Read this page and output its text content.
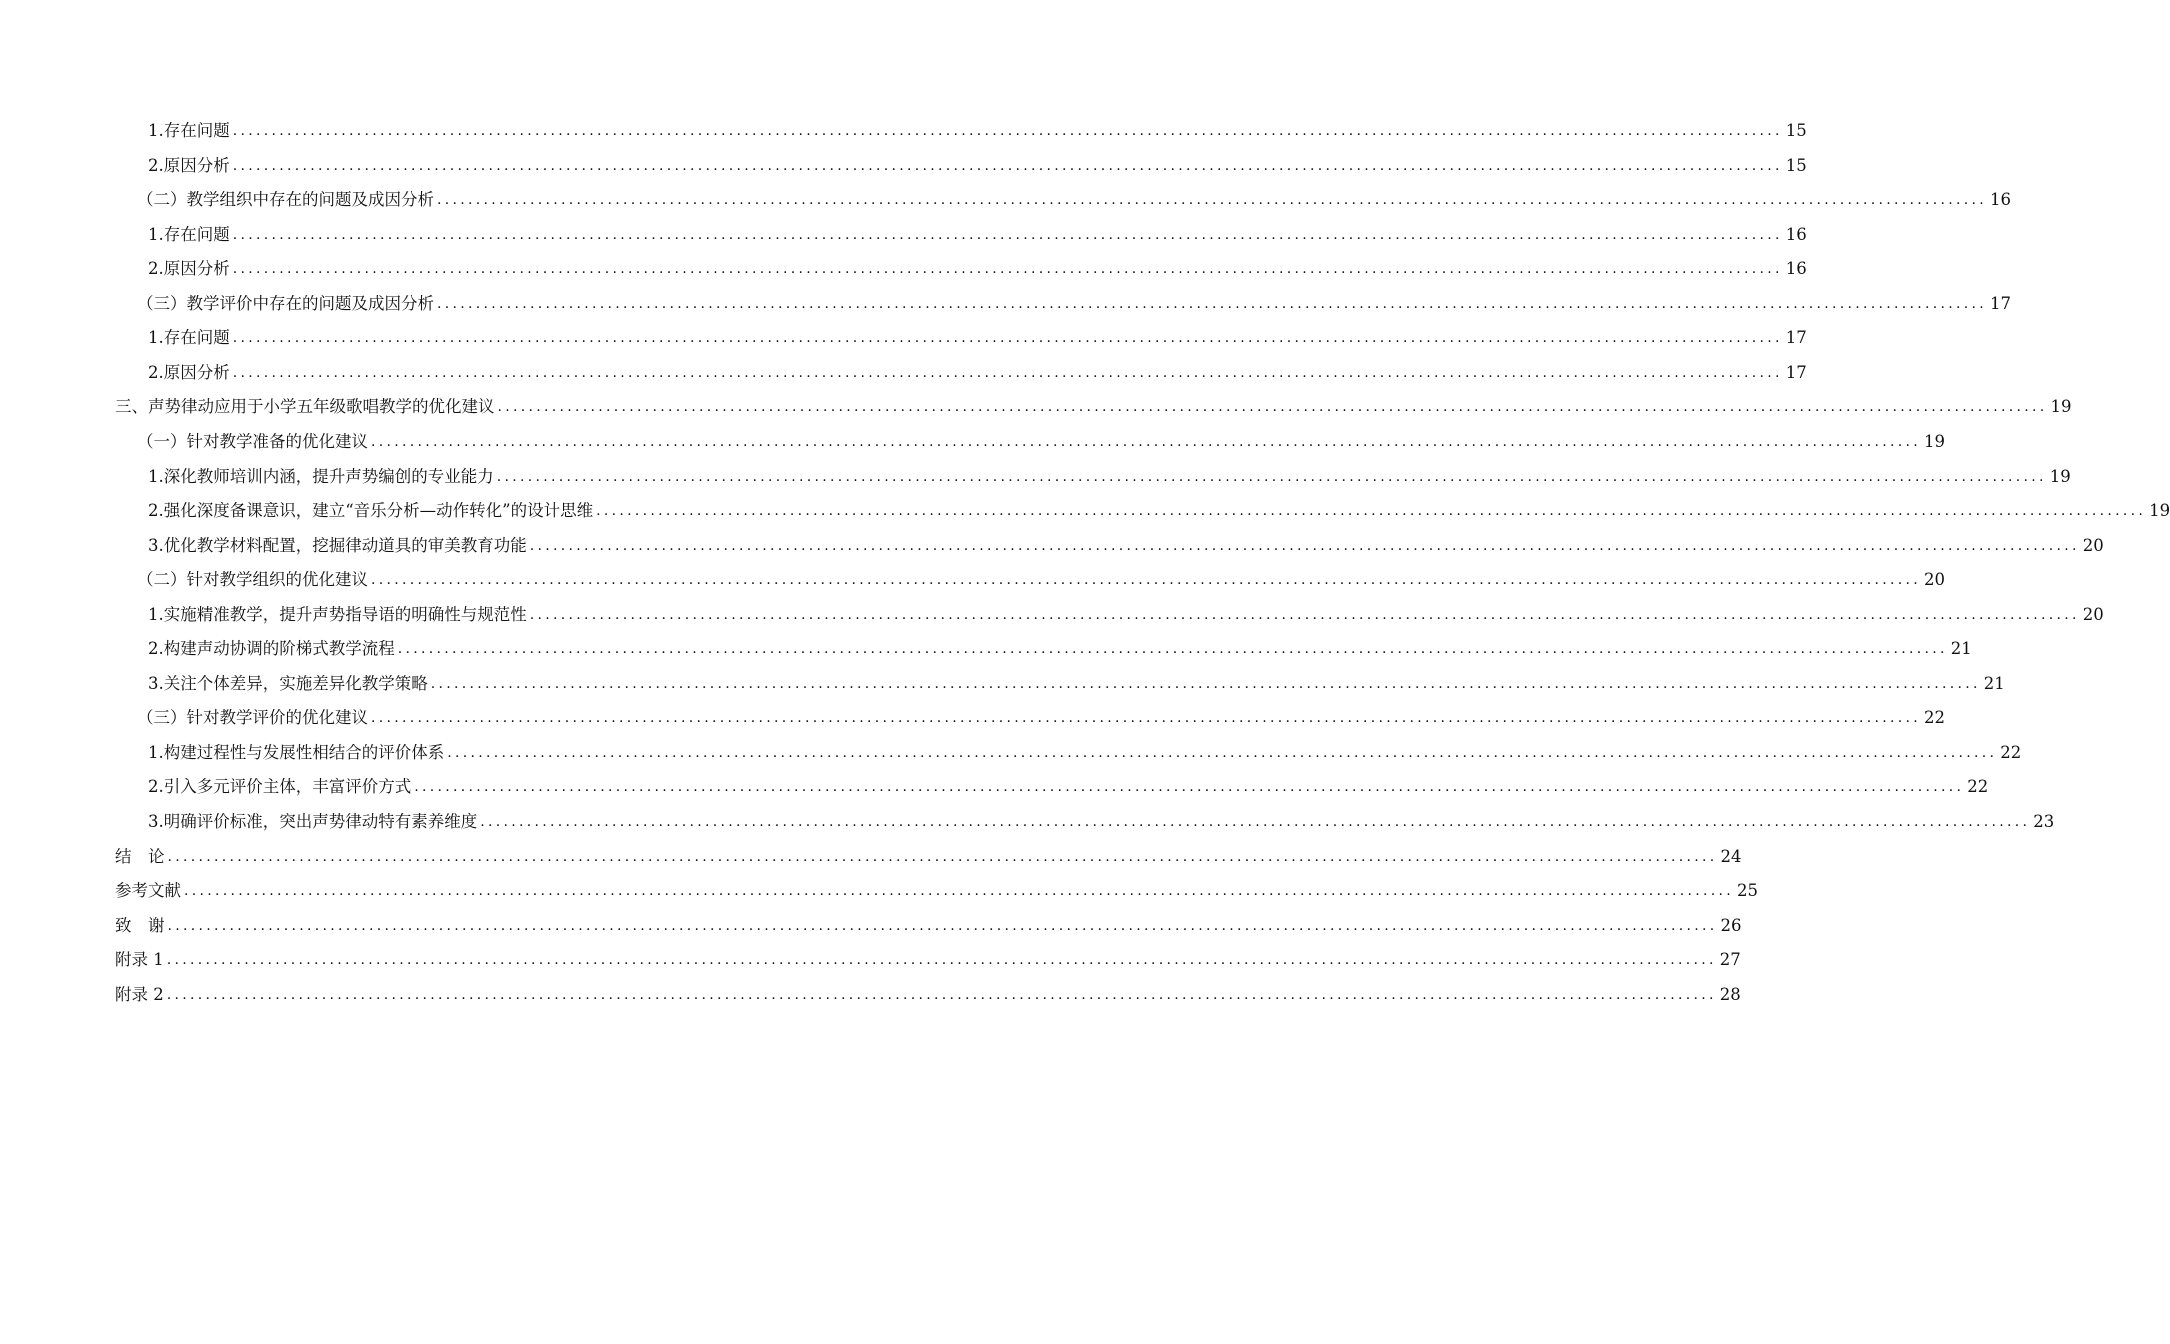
1.存在问题 ........................................................................................................................................................................................................ 15
2.原因分析 ........................................................................................................................................................................................................ 15
（二）教学组织中存在的问题及成因分析 ........................................................................................................................................................................................................ 16
1.存在问题 ........................................................................................................................................................................................................ 16
2.原因分析 ........................................................................................................................................................................................................ 16
（三）教学评价中存在的问题及成因分析 ........................................................................................................................................................................................................ 17
1.存在问题 ........................................................................................................................................................................................................ 17
2.原因分析 ........................................................................................................................................................................................................ 17
三、声势律动应用于小学五年级歌唱教学的优化建议 ........................................................................................................................................................................................................ 19
（一）针对教学准备的优化建议 ........................................................................................................................................................................................................ 19
1.深化教师培训内涵，提升声势编创的专业能力 ........................................................................................................................................................................................................ 19
2.强化深度备课意识，建立“音乐分析—动作转化”的设计思维 ........................................................................................................................................................................................................ 19
3.优化教学材料配置，挖掘律动道具的审美教育功能 ........................................................................................................................................................................................................ 20
（二）针对教学组织的优化建议 ........................................................................................................................................................................................................ 20
1.实施精准教学，提升声势指导语的明确性与规范性 ........................................................................................................................................................................................................ 20
2.构建声动协调的阶梯式教学流程 ........................................................................................................................................................................................................ 21
3.关注个体差异，实施差异化教学策略 ........................................................................................................................................................................................................ 21
（三）针对教学评价的优化建议 ........................................................................................................................................................................................................ 22
1.构建过程性与发展性相结合的评价体系 ........................................................................................................................................................................................................ 22
2.引入多元评价主体，丰富评价方式 ........................................................................................................................................................................................................ 22
3.明确评价标准，突出声势律动特有素养维度 ........................................................................................................................................................................................................ 23
结　论 ........................................................................................................................................................................................................ 24
参考文献 ........................................................................................................................................................................................................ 25
致　谢 ........................................................................................................................................................................................................ 26
附录 1 ........................................................................................................................................................................................................ 27
附录 2 ........................................................................................................................................................................................................ 28
